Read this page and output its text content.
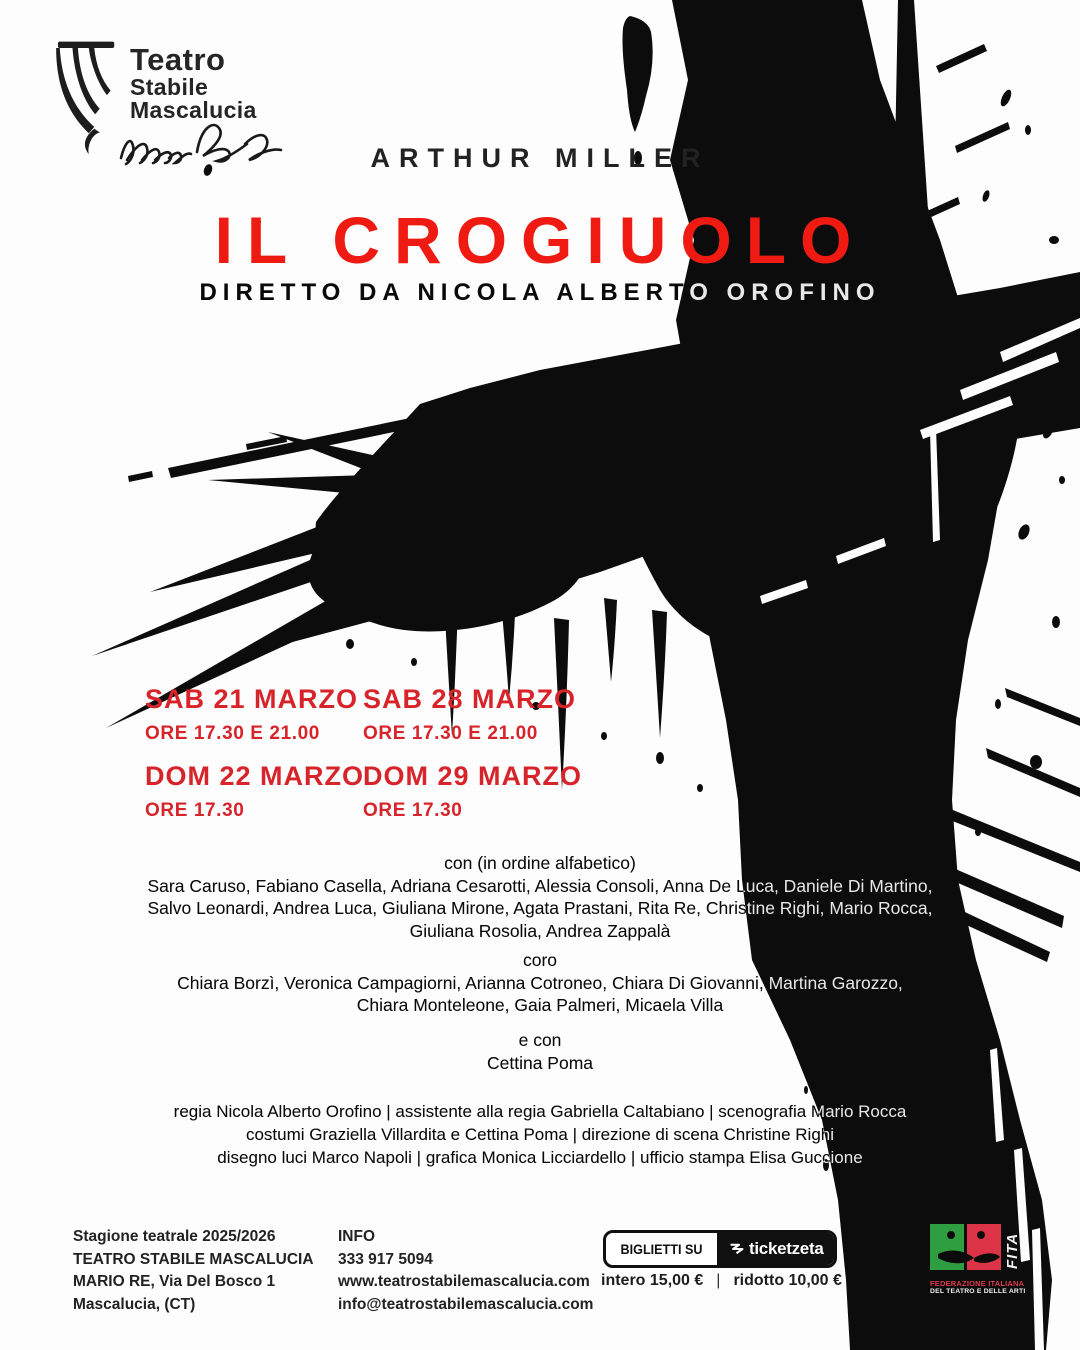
Teatro
Stabile
Mascalucia
ARTHUR MILLER
IL CROGIUOLO
DIRETTO DA NICOLA ALBERTO OROFINO
SAB 21 MARZO
ORE 17.30 E 21.00
DOM 22 MARZO
ORE 17.30
SAB 28 MARZO
ORE 17.30 E 21.00
DOM 29 MARZO
ORE 17.30
con (in ordine alfabetico)
Sara Caruso, Fabiano Casella, Adriana Cesarotti, Alessia Consoli, Anna De Luca, Daniele Di Martino,
Salvo Leonardi, Andrea Luca, Giuliana Mirone, Agata Prastani, Rita Re, Christine Righi, Mario Rocca,
Giuliana Rosolia, Andrea Zappalà
coro
Chiara Borzì, Veronica Campagiorni, Arianna Cotroneo, Chiara Di Giovanni, Martina Garozzo,
Chiara Monteleone, Gaia Palmeri, Micaela Villa
e con
Cettina Poma
regia Nicola Alberto Orofino | assistente alla regia Gabriella Caltabiano | scenografia Mario Rocca
costumi Graziella Villardita e Cettina Poma | direzione di scena Christine Righi
disegno luci Marco Napoli | grafica Monica Licciardello | ufficio stampa Elisa Guccione
Stagione teatrale 2025/2026
TEATRO STABILE MASCALUCIA
MARIO RE, Via Del Bosco 1
Mascalucia, (CT)
INFO
333 917 5094
www.teatrostabilemascalucia.com
info@teatrostabilemascalucia.com
BIGLIETTI SU	ticketzeta
intero 15,00 € | ridotto 10,00 €
FITA
FEDERAZIONE ITALIANA
DEL TEATRO E DELLE ARTI
